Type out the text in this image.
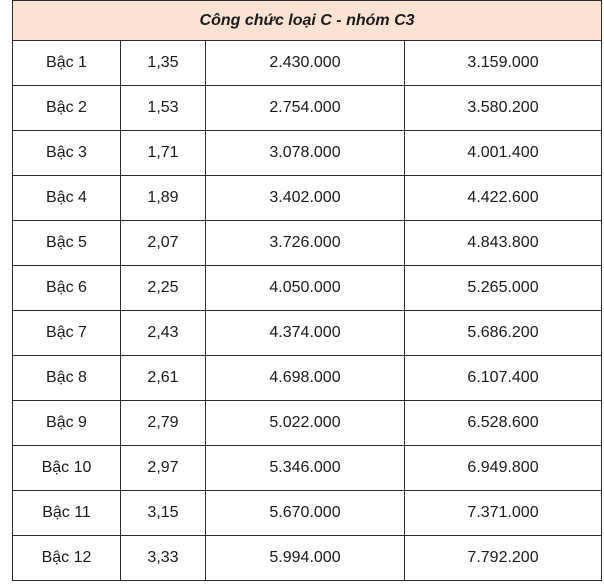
Công chức loại C - nhóm C3			
Bậc 1	1,35	2.430.000	3.159.000
Bậc 2	1,53	2.754.000	3.580.200
Bậc 3	1,71	3.078.000	4.001.400
Bậc 4	1,89	3.402.000	4.422.600
Bậc 5	2,07	3.726.000	4.843.800
Bậc 6	2,25	4.050.000	5.265.000
Bậc 7	2,43	4.374.000	5.686.200
Bậc 8	2,61	4.698.000	6.107.400
Bậc 9	2,79	5.022.000	6.528.600
Bậc 10	2,97	5.346.000	6.949.800
Bậc 11	3,15	5.670.000	7.371.000
Bậc 12	3,33	5.994.000	7.792.200
